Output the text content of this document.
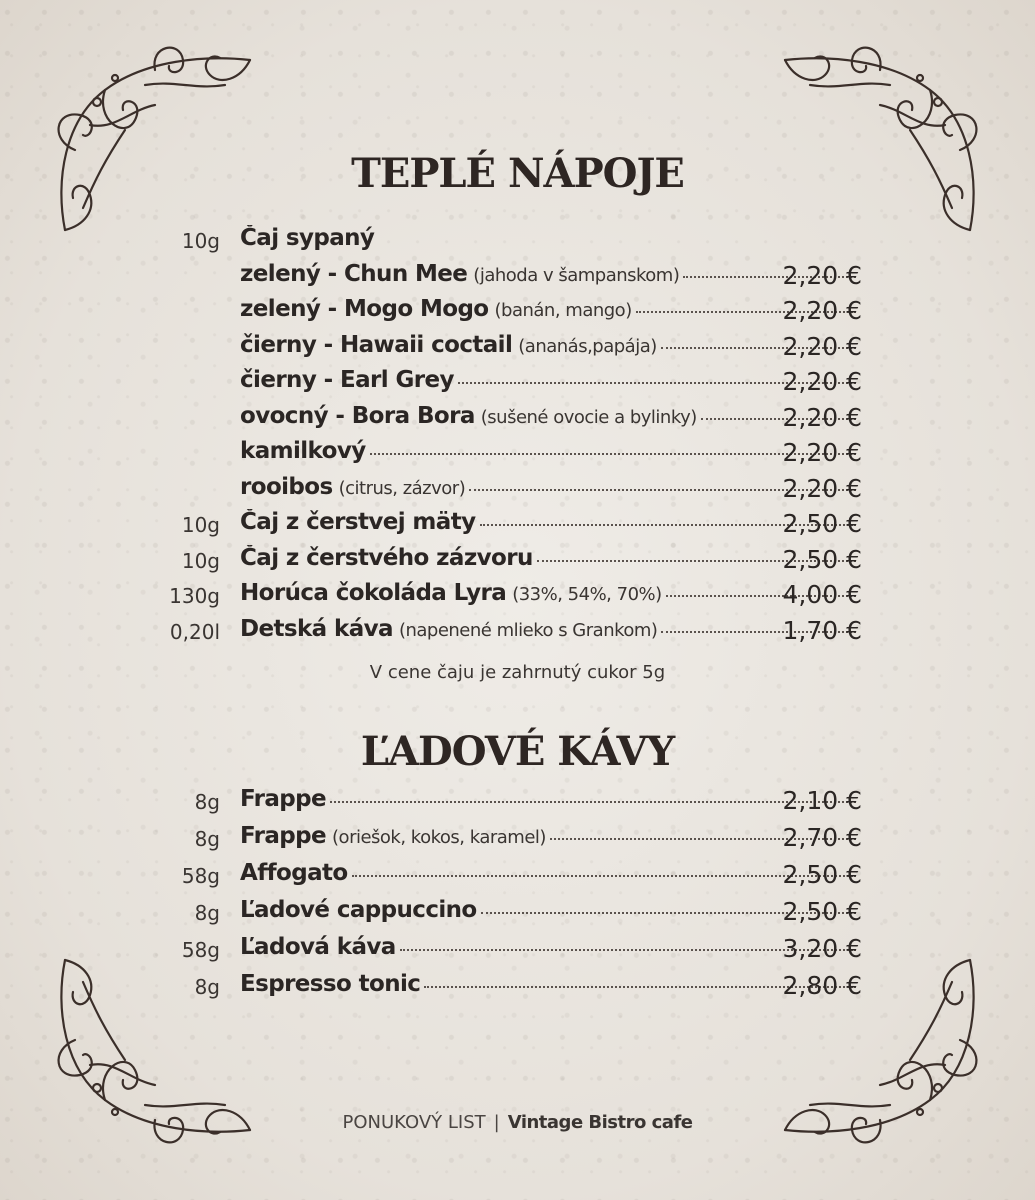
TEPLÉ NÁPOJE
10g Čaj sypaný
zelený - Chun Mee (jahoda v šampanskom)	2,20 €
zelený - Mogo Mogo (banán, mango)	2,20 €
čierny - Hawaii coctail (ananás,papája)	2,20 €
čierny - Earl Grey	2,20 €
ovocný - Bora Bora (sušené ovocie a bylinky)	2,20 €
kamilkový	2,20 €
rooibos (citrus, zázvor)	2,20 €
10g Čaj z čerstvej mäty	2,50 €
10g Čaj z čerstvého zázvoru	2,50 €
130g Horúca čokoláda Lyra (33%, 54%, 70%)	4,00 €
0,20l Detská káva (napenené mlieko s Grankom)	1,70 €
V cene čaju je zahrnutý cukor 5g
ĽADOVÉ KÁVY
8g Frappe	2,10 €
8g Frappe (oriešok, kokos, karamel)	2,70 €
58g Affogato	2,50 €
8g Ľadové cappuccino	2,50 €
58g Ľadová káva	3,20 €
8g Espresso tonic	2,80 €
PONUKOVÝ LIST | Vintage Bistro cafe
